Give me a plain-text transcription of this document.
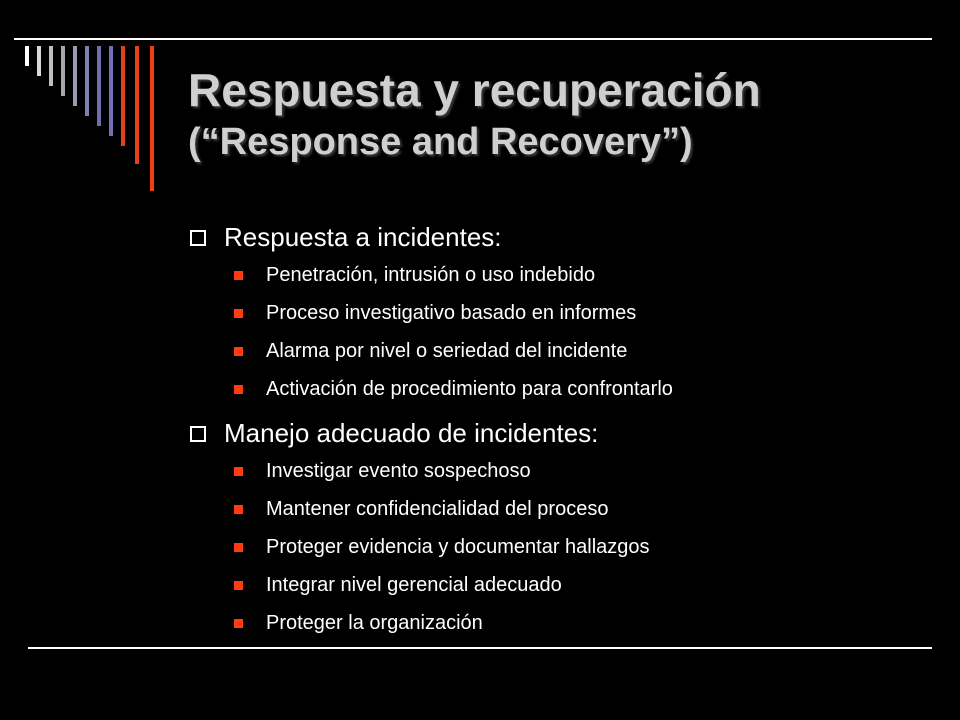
Respuesta y recuperación
(“Response and Recovery”)
Respuesta a incidentes:
Penetración, intrusión o uso indebido
Proceso investigativo basado en informes
Alarma por nivel o seriedad del incidente
Activación de procedimiento para confrontarlo
Manejo adecuado de incidentes:
Investigar evento sospechoso
Mantener confidencialidad del proceso
Proteger evidencia y documentar hallazgos
Integrar nivel gerencial adecuado
Proteger la organización
